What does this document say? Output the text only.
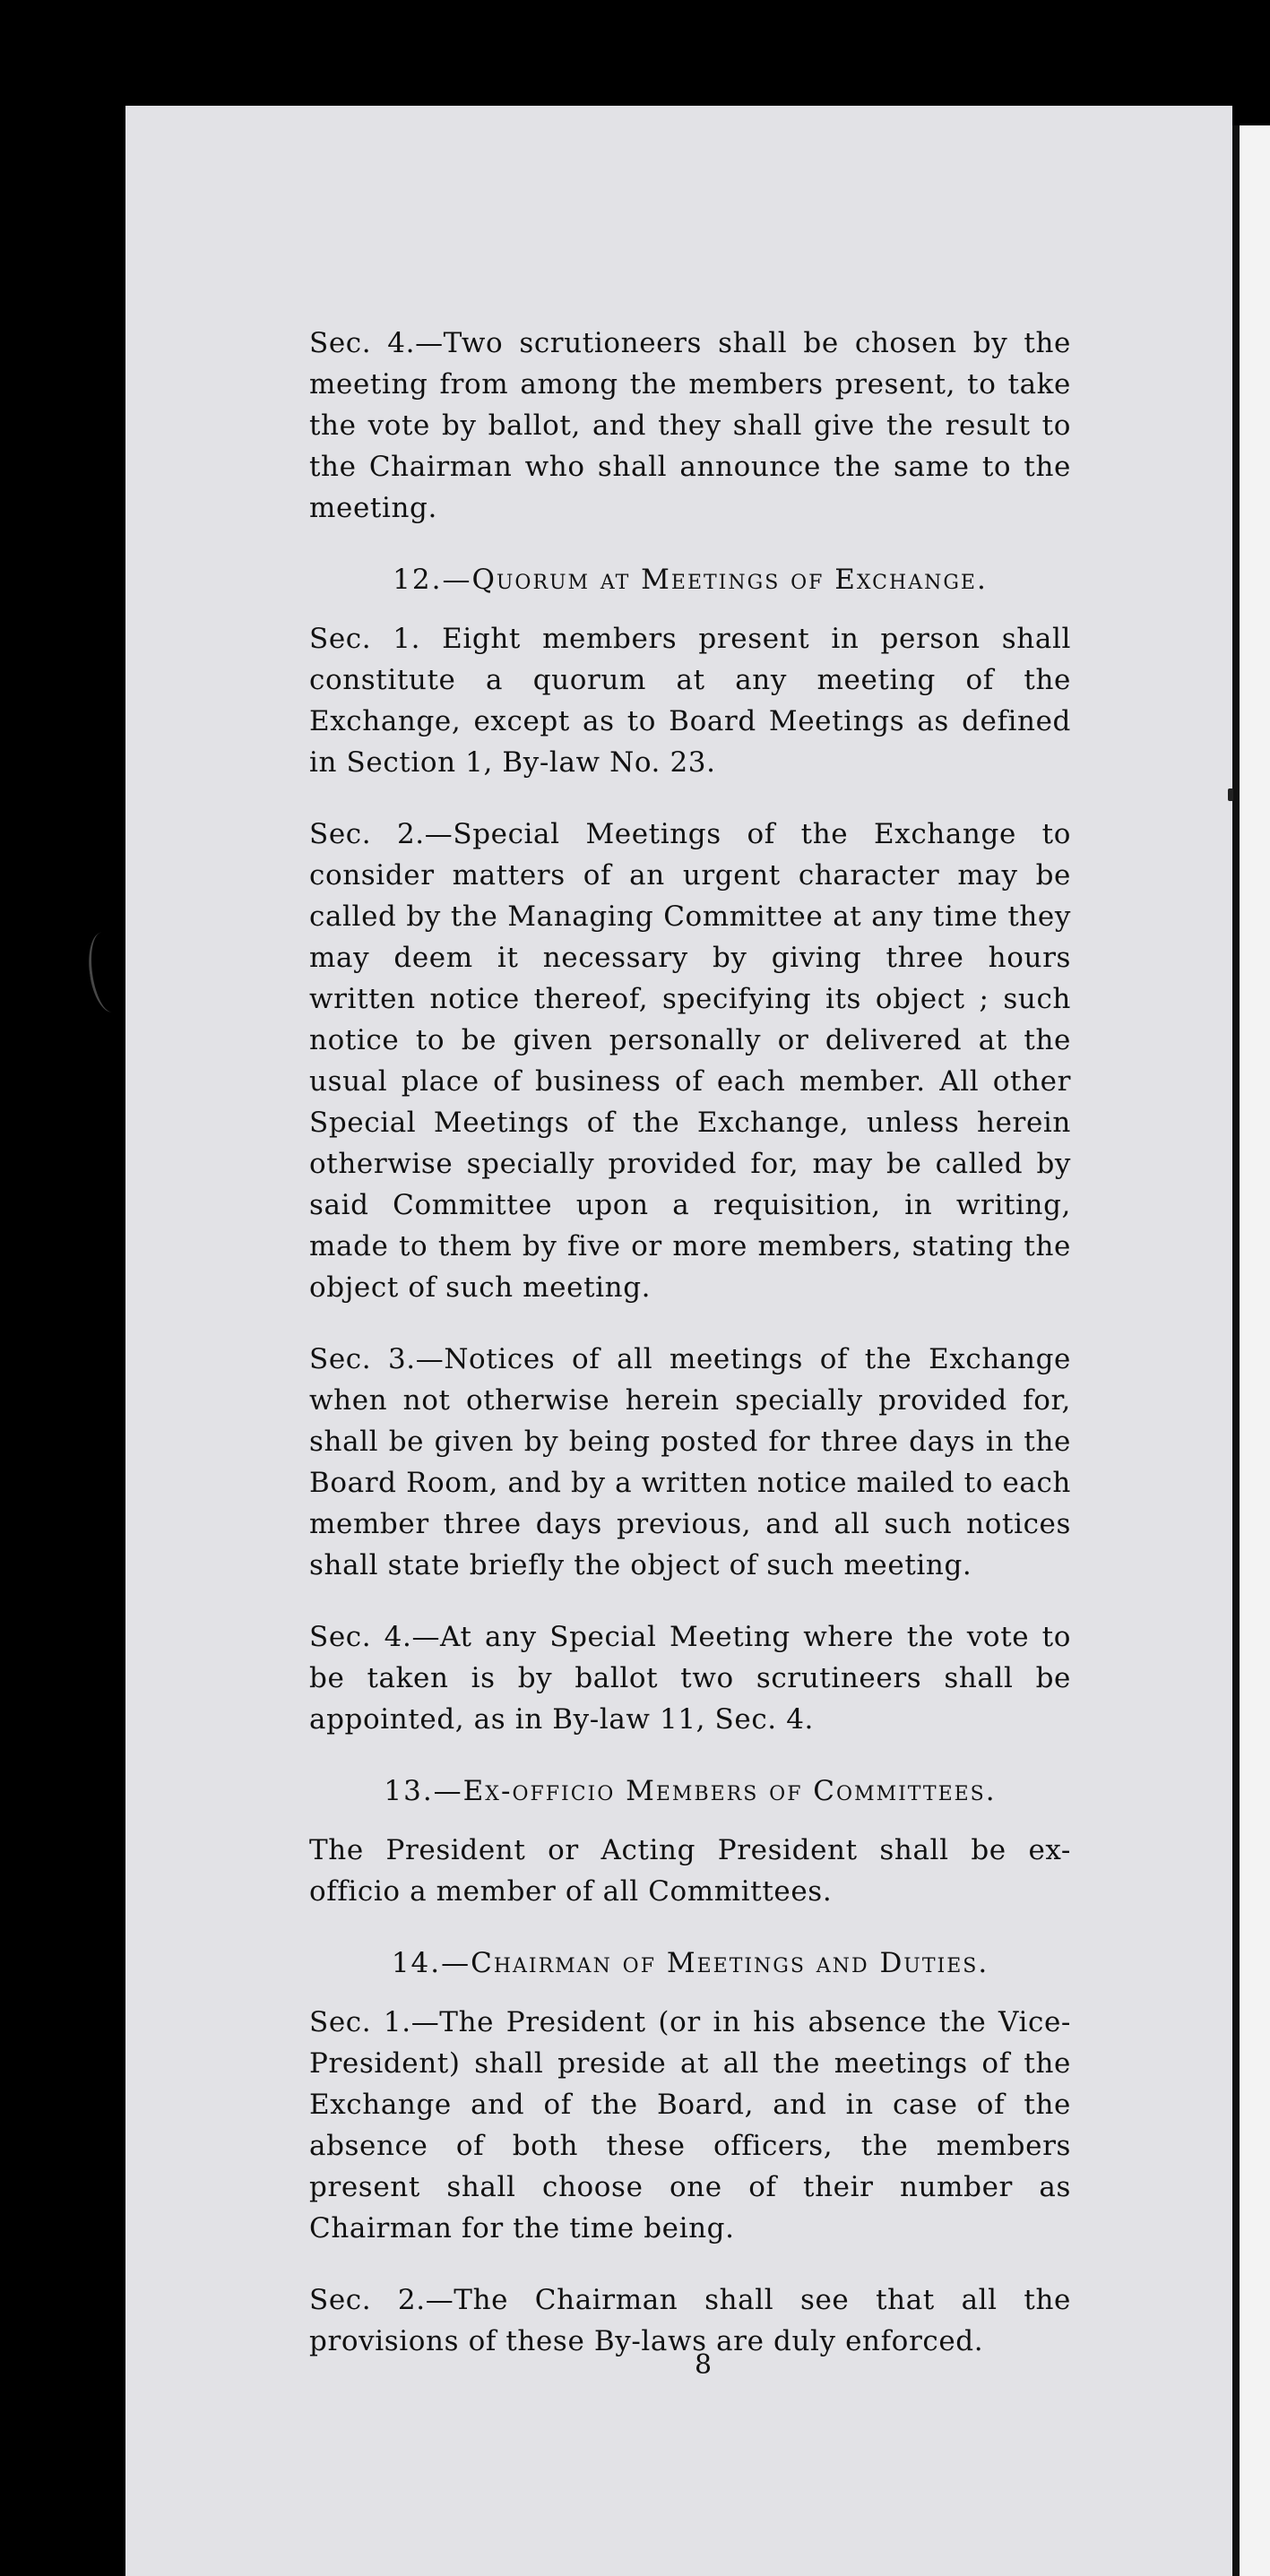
Sec. 4.—Two scrutioneers shall be chosen by the meeting from among the members present, to take the vote by ballot, and they shall give the result to the Chairman who shall announce the same to the meeting.

12.—Quorum at Meetings of Exchange.

Sec. 1. Eight members present in person shall constitute a quorum at any meeting of the Exchange, except as to Board Meetings as defined in Section 1, By-law No. 23.

Sec. 2.—Special Meetings of the Exchange to consider matters of an urgent character may be called by the Managing Committee at any time they may deem it necessary by giving three hours written notice thereof, specifying its object ; such notice to be given personally or delivered at the usual place of business of each member. All other Special Meetings of the Exchange, unless herein otherwise specially provided for, may be called by said Committee upon a requisition, in writing, made to them by five or more members, stating the object of such meeting.

Sec. 3.—Notices of all meetings of the Exchange when not otherwise herein specially provided for, shall be given by being posted for three days in the Board Room, and by a written notice mailed to each member three days previous, and all such notices shall state briefly the object of such meeting.

Sec. 4.—At any Special Meeting where the vote to be taken is by ballot two scrutineers shall be appointed, as in By-law 11, Sec. 4.

13.—Ex-officio Members of Committees.

The President or Acting President shall be ex-officio a member of all Committees.

14.—Chairman of Meetings and Duties.

Sec. 1.—The President (or in his absence the Vice-President) shall preside at all the meetings of the Exchange and of the Board, and in case of the absence of both these officers, the members present shall choose one of their number as Chairman for the time being.

Sec. 2.—The Chairman shall see that all the provisions of these By-laws are duly enforced.

8
